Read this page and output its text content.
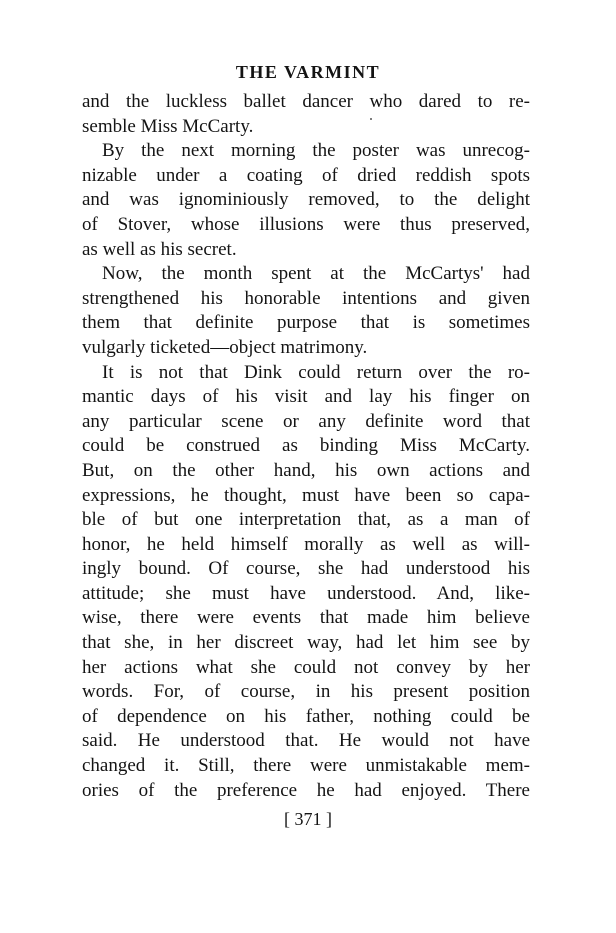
THE VARMINT

and the luckless ballet dancer who dared to re-
semble Miss McCarty.

By the next morning the poster was unrecog-
nizable under a coating of dried reddish spots
and was ignominiously removed, to the delight
of Stover, whose illusions were thus preserved,
as well as his secret.

Now, the month spent at the McCartys' had
strengthened his honorable intentions and given
them that definite purpose that is sometimes
vulgarly ticketed—object matrimony.

It is not that Dink could return over the ro-
mantic days of his visit and lay his finger on
any particular scene or any definite word that
could be construed as binding Miss McCarty.
But, on the other hand, his own actions and
expressions, he thought, must have been so capa-
ble of but one interpretation that, as a man of
honor, he held himself morally as well as will-
ingly bound. Of course, she had understood his
attitude; she must have understood. And, like-
wise, there were events that made him believe
that she, in her discreet way, had let him see by
her actions what she could not convey by her
words. For, of course, in his present position
of dependence on his father, nothing could be
said. He understood that. He would not have
changed it. Still, there were unmistakable mem-
ories of the preference he had enjoyed. There

[ 371 ]
